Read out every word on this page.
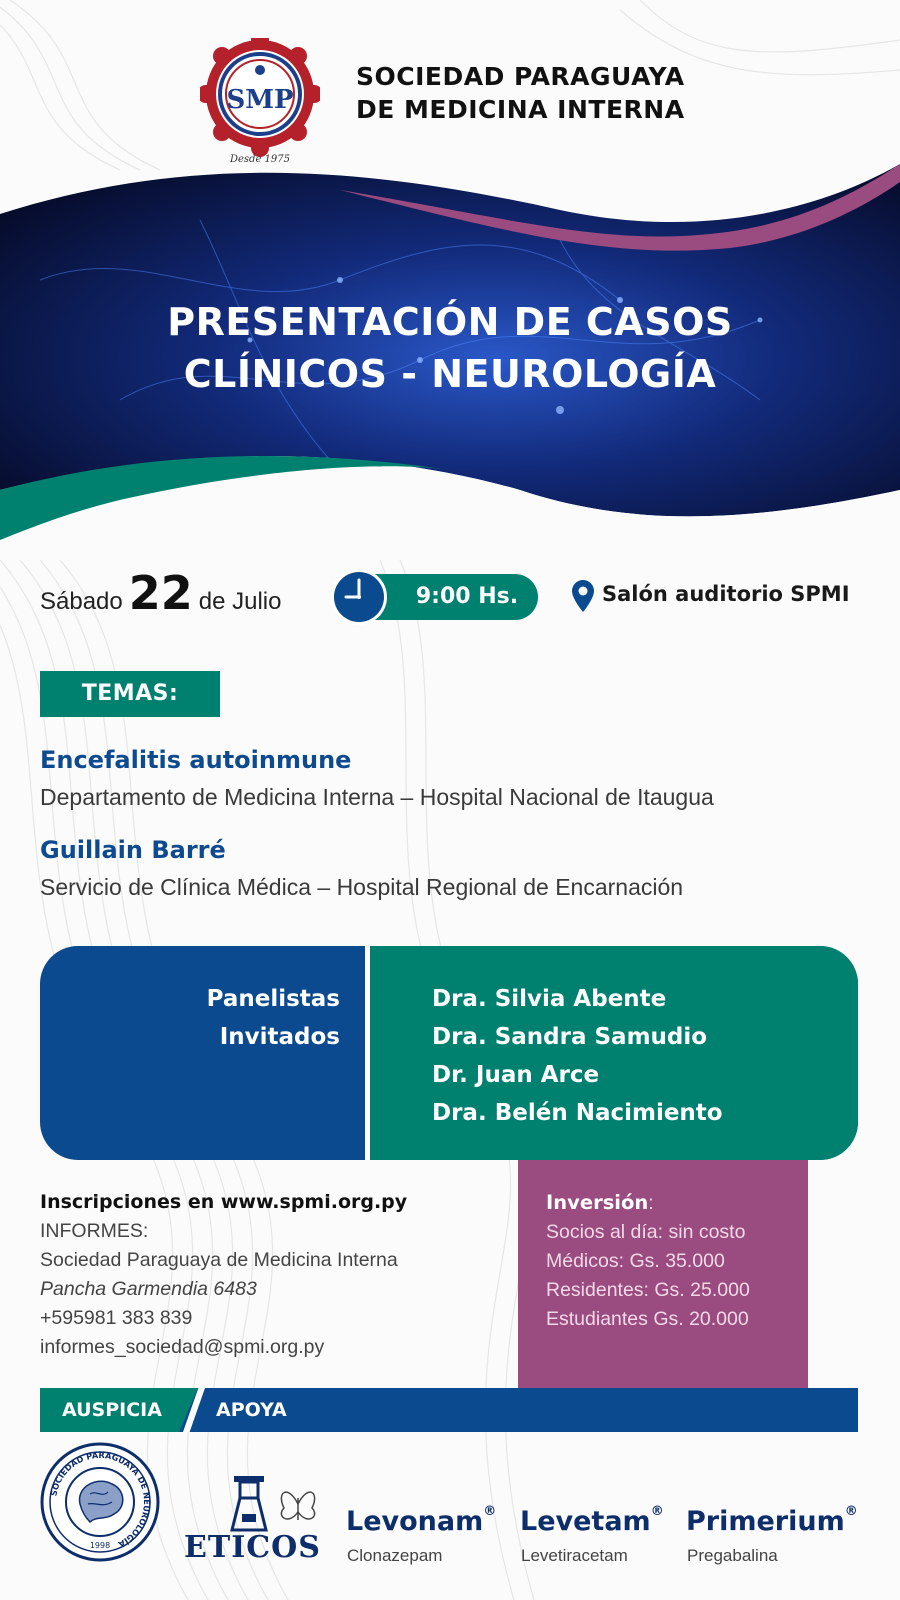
SMP
Desde 1975
SOCIEDAD PARAGUAYA
DE MEDICINA INTERNA
PRESENTACIÓN DE CASOS
CLÍNICOS - NEUROLOGÍA
Sábado 22 de Julio	9:00 Hs.	Salón auditorio SPMI
TEMAS:
Encefalitis autoinmune
Departamento de Medicina Interna – Hospital Nacional de Itaugua
Guillain Barré
Servicio de Clínica Médica – Hospital Regional de Encarnación
Panelistas
Invitados
Dra. Silvia Abente
Dra. Sandra Samudio
Dr. Juan Arce
Dra. Belén Nacimiento
Inscripciones en www.spmi.org.py
INFORMES:
Sociedad Paraguaya de Medicina Interna
Pancha Garmendia 6483
+595981 383 839
informes_sociedad@spmi.org.py
Inversión:
Socios al día: sin costo
Médicos: Gs. 35.000
Residentes: Gs. 25.000
Estudiantes Gs. 20.000
AUSPICIA	APOYA
SOCIEDAD PARAGUAYA DE NEUROLOGÍA
1998 ETICOS
Levonam®
Clonazepam
Levetam®
Levetiracetam
Primerium®
Pregabalina
